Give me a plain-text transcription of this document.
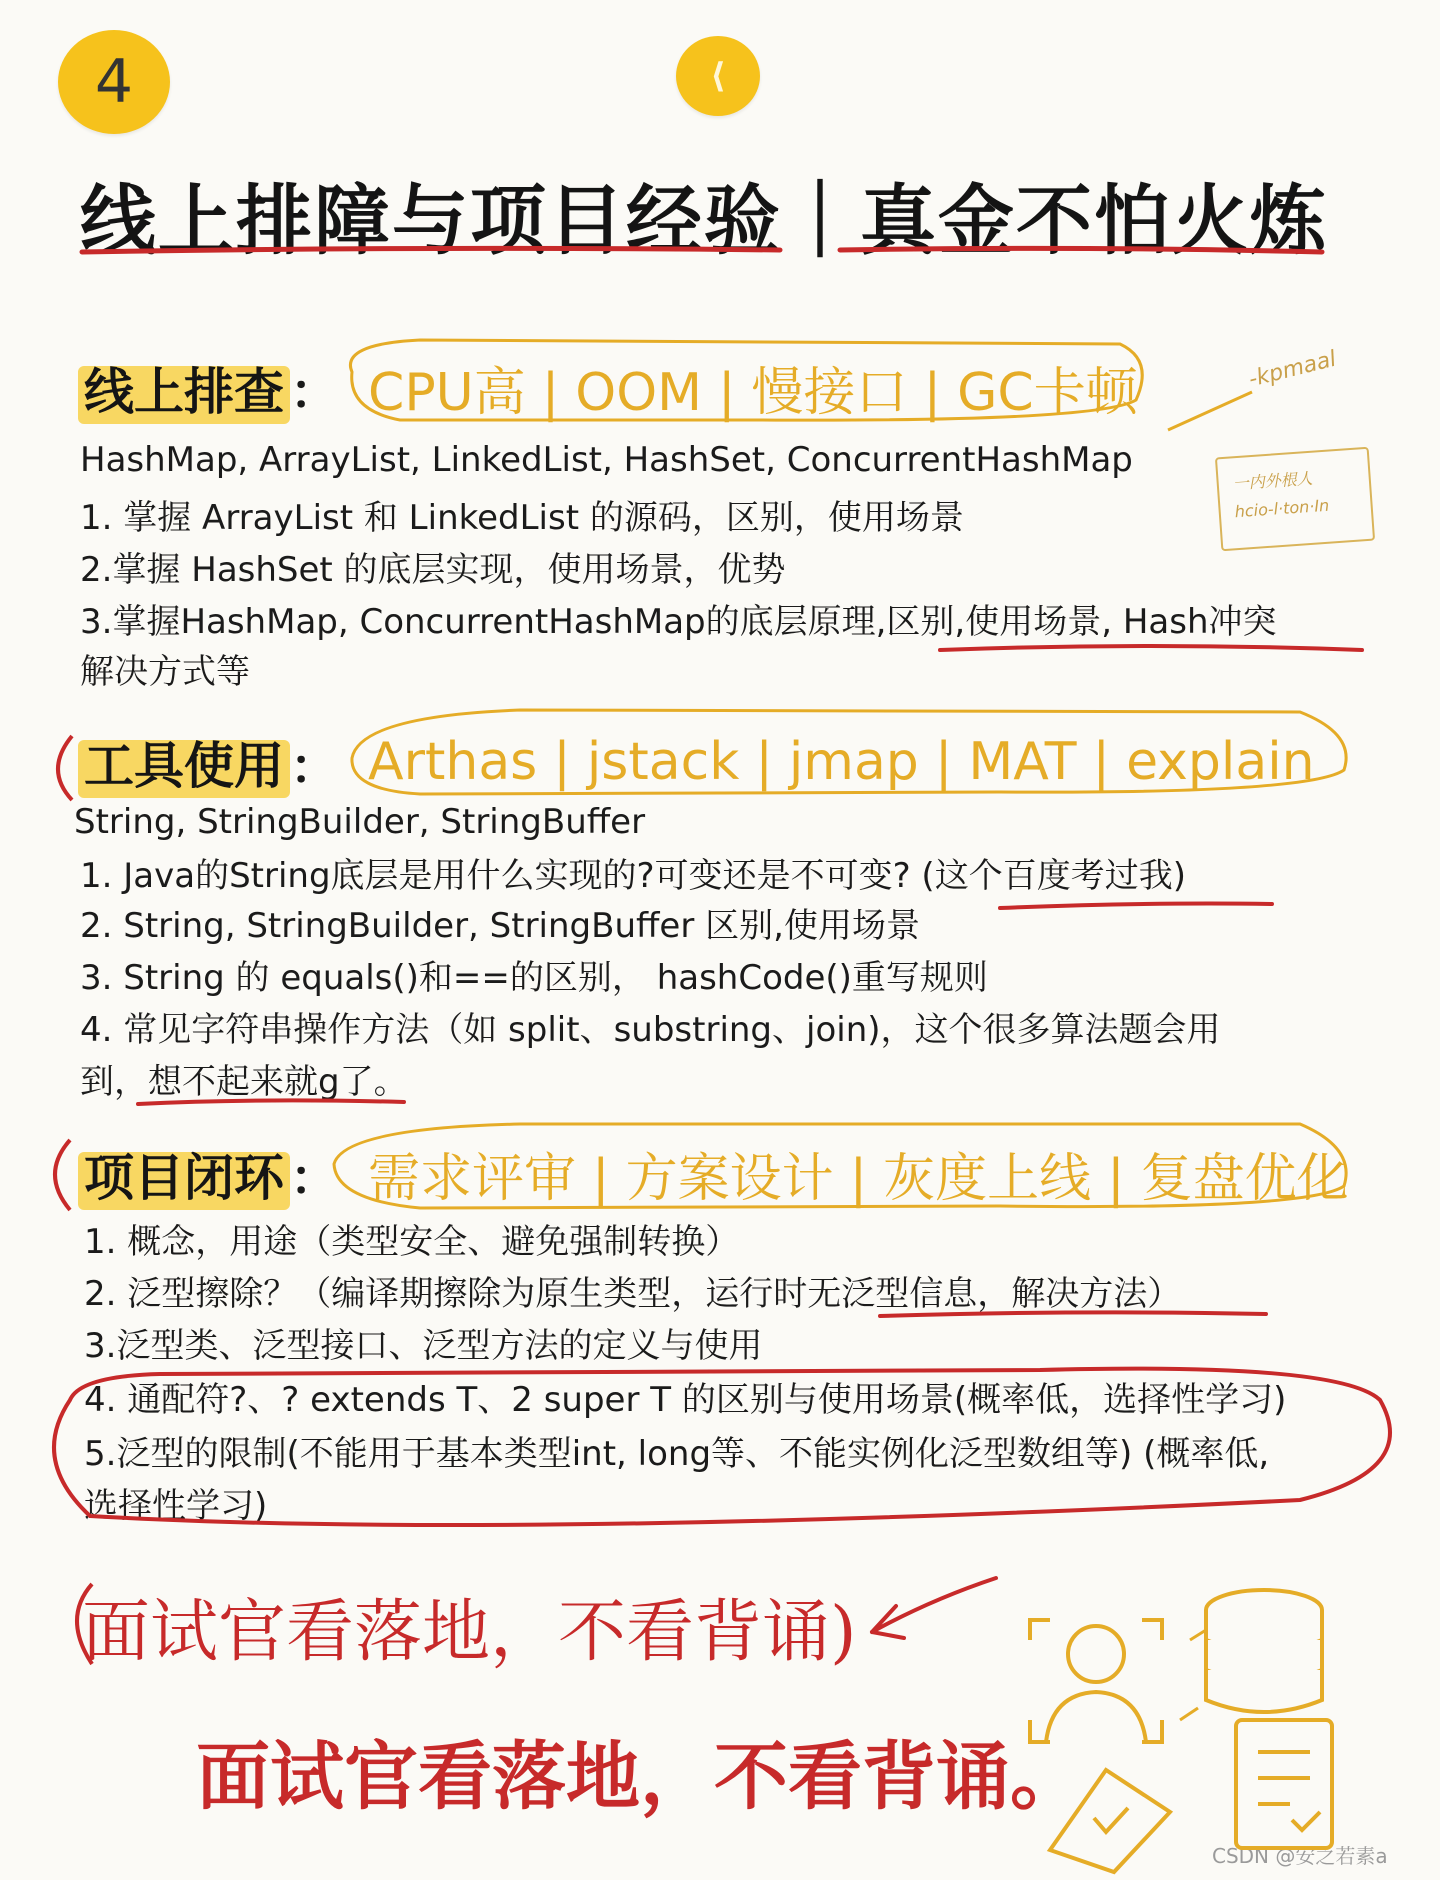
4	⟨
线上排障与项目经验｜真金不怕火炼
线上排查 ： CPU高 | OOM | 慢接口 | GC卡顿
HashMap, ArrayList, LinkedList, HashSet, ConcurrentHashMap
1. 掌握 ArrayList 和 LinkedList 的源码，区别，使用场景
2.掌握 HashSet 的底层实现，使用场景，优势
3.掌握HashMap, ConcurrentHashMap的底层原理,区别,使用场景, Hash冲突
解决方式等
-kpmaal
一内外根人
hcio-l·ton·In
工具使用 ： Arthas | jstack | jmap | MAT | explain
String, StringBuilder, StringBuffer
1. Java的String底层是用什么实现的?可变还是不可变? (这个百度考过我)
2. String, StringBuilder, StringBuffer 区别,使用场景
3. String 的 equals()和==的区别， hashCode()重写规则
4. 常见字符串操作方法（如 split、substring、join)，这个很多算法题会用
到，想不起来就g了。
项目闭环 ： 需求评审 | 方案设计 | 灰度上线 | 复盘优化
1. 概念，用途（类型安全、避免强制转换）
2. 泛型擦除？（编译期擦除为原生类型，运行时无泛型信息，解决方法）
3.泛型类、泛型接口、泛型方法的定义与使用
4. 通配符?、? extends T、2 super T 的区别与使用场景(概率低，选择性学习)
5.泛型的限制(不能用于基本类型int, long等、不能实例化泛型数组等) (概率低,
选择性学习)
面试官看落地，不看背诵)
面试官看落地，不看背诵。
CSDN @安之若素a
